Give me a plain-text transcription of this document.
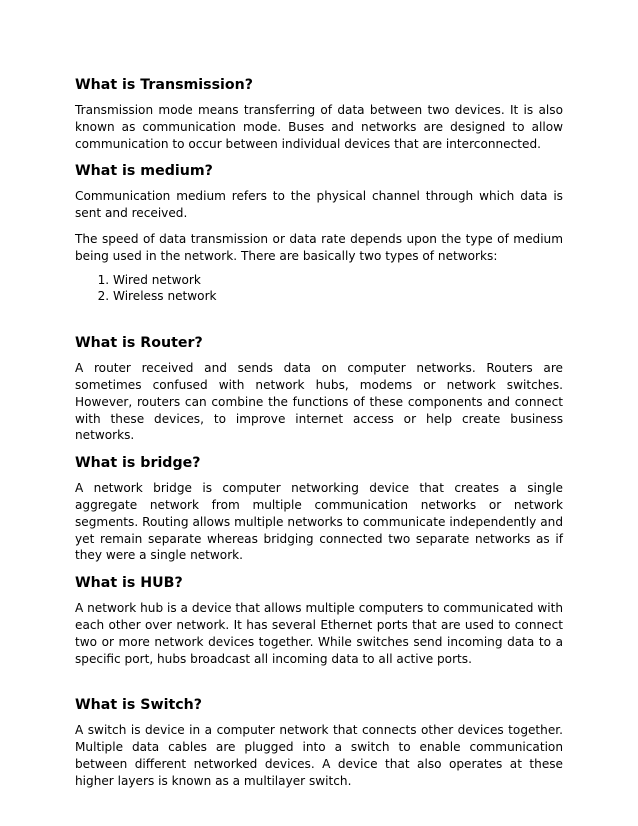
What is Transmission?

Transmission mode means transferring of data between two devices. It is also known as communication mode. Buses and networks are designed to allow communication to occur between individual devices that are interconnected.

What is medium?

Communication medium refers to the physical channel through which data is sent and received.

The speed of data transmission or data rate depends upon the type of medium being used in the network. There are basically two types of networks:

1. Wired network
2. Wireless network
What is Router?

A router received and sends data on computer networks. Routers are sometimes confused with network hubs, modems or network switches. However, routers can combine the functions of these components and connect with these devices, to improve internet access or help create business networks.

What is bridge?

A network bridge is computer networking device that creates a single aggregate network from multiple communication networks or network segments. Routing allows multiple networks to communicate independently and yet remain separate whereas bridging connected two separate networks as if they were a single network.

What is HUB?

A network hub is a device that allows multiple computers to communicated with each other over network. It has several Ethernet ports that are used to connect two or more network devices together. While switches send incoming data to a specific port, hubs broadcast all incoming data to all active ports.

What is Switch?

A switch is device in a computer network that connects other devices together. Multiple data cables are plugged into a switch to enable communication between different networked devices. A device that also operates at these higher layers is known as a multilayer switch.
